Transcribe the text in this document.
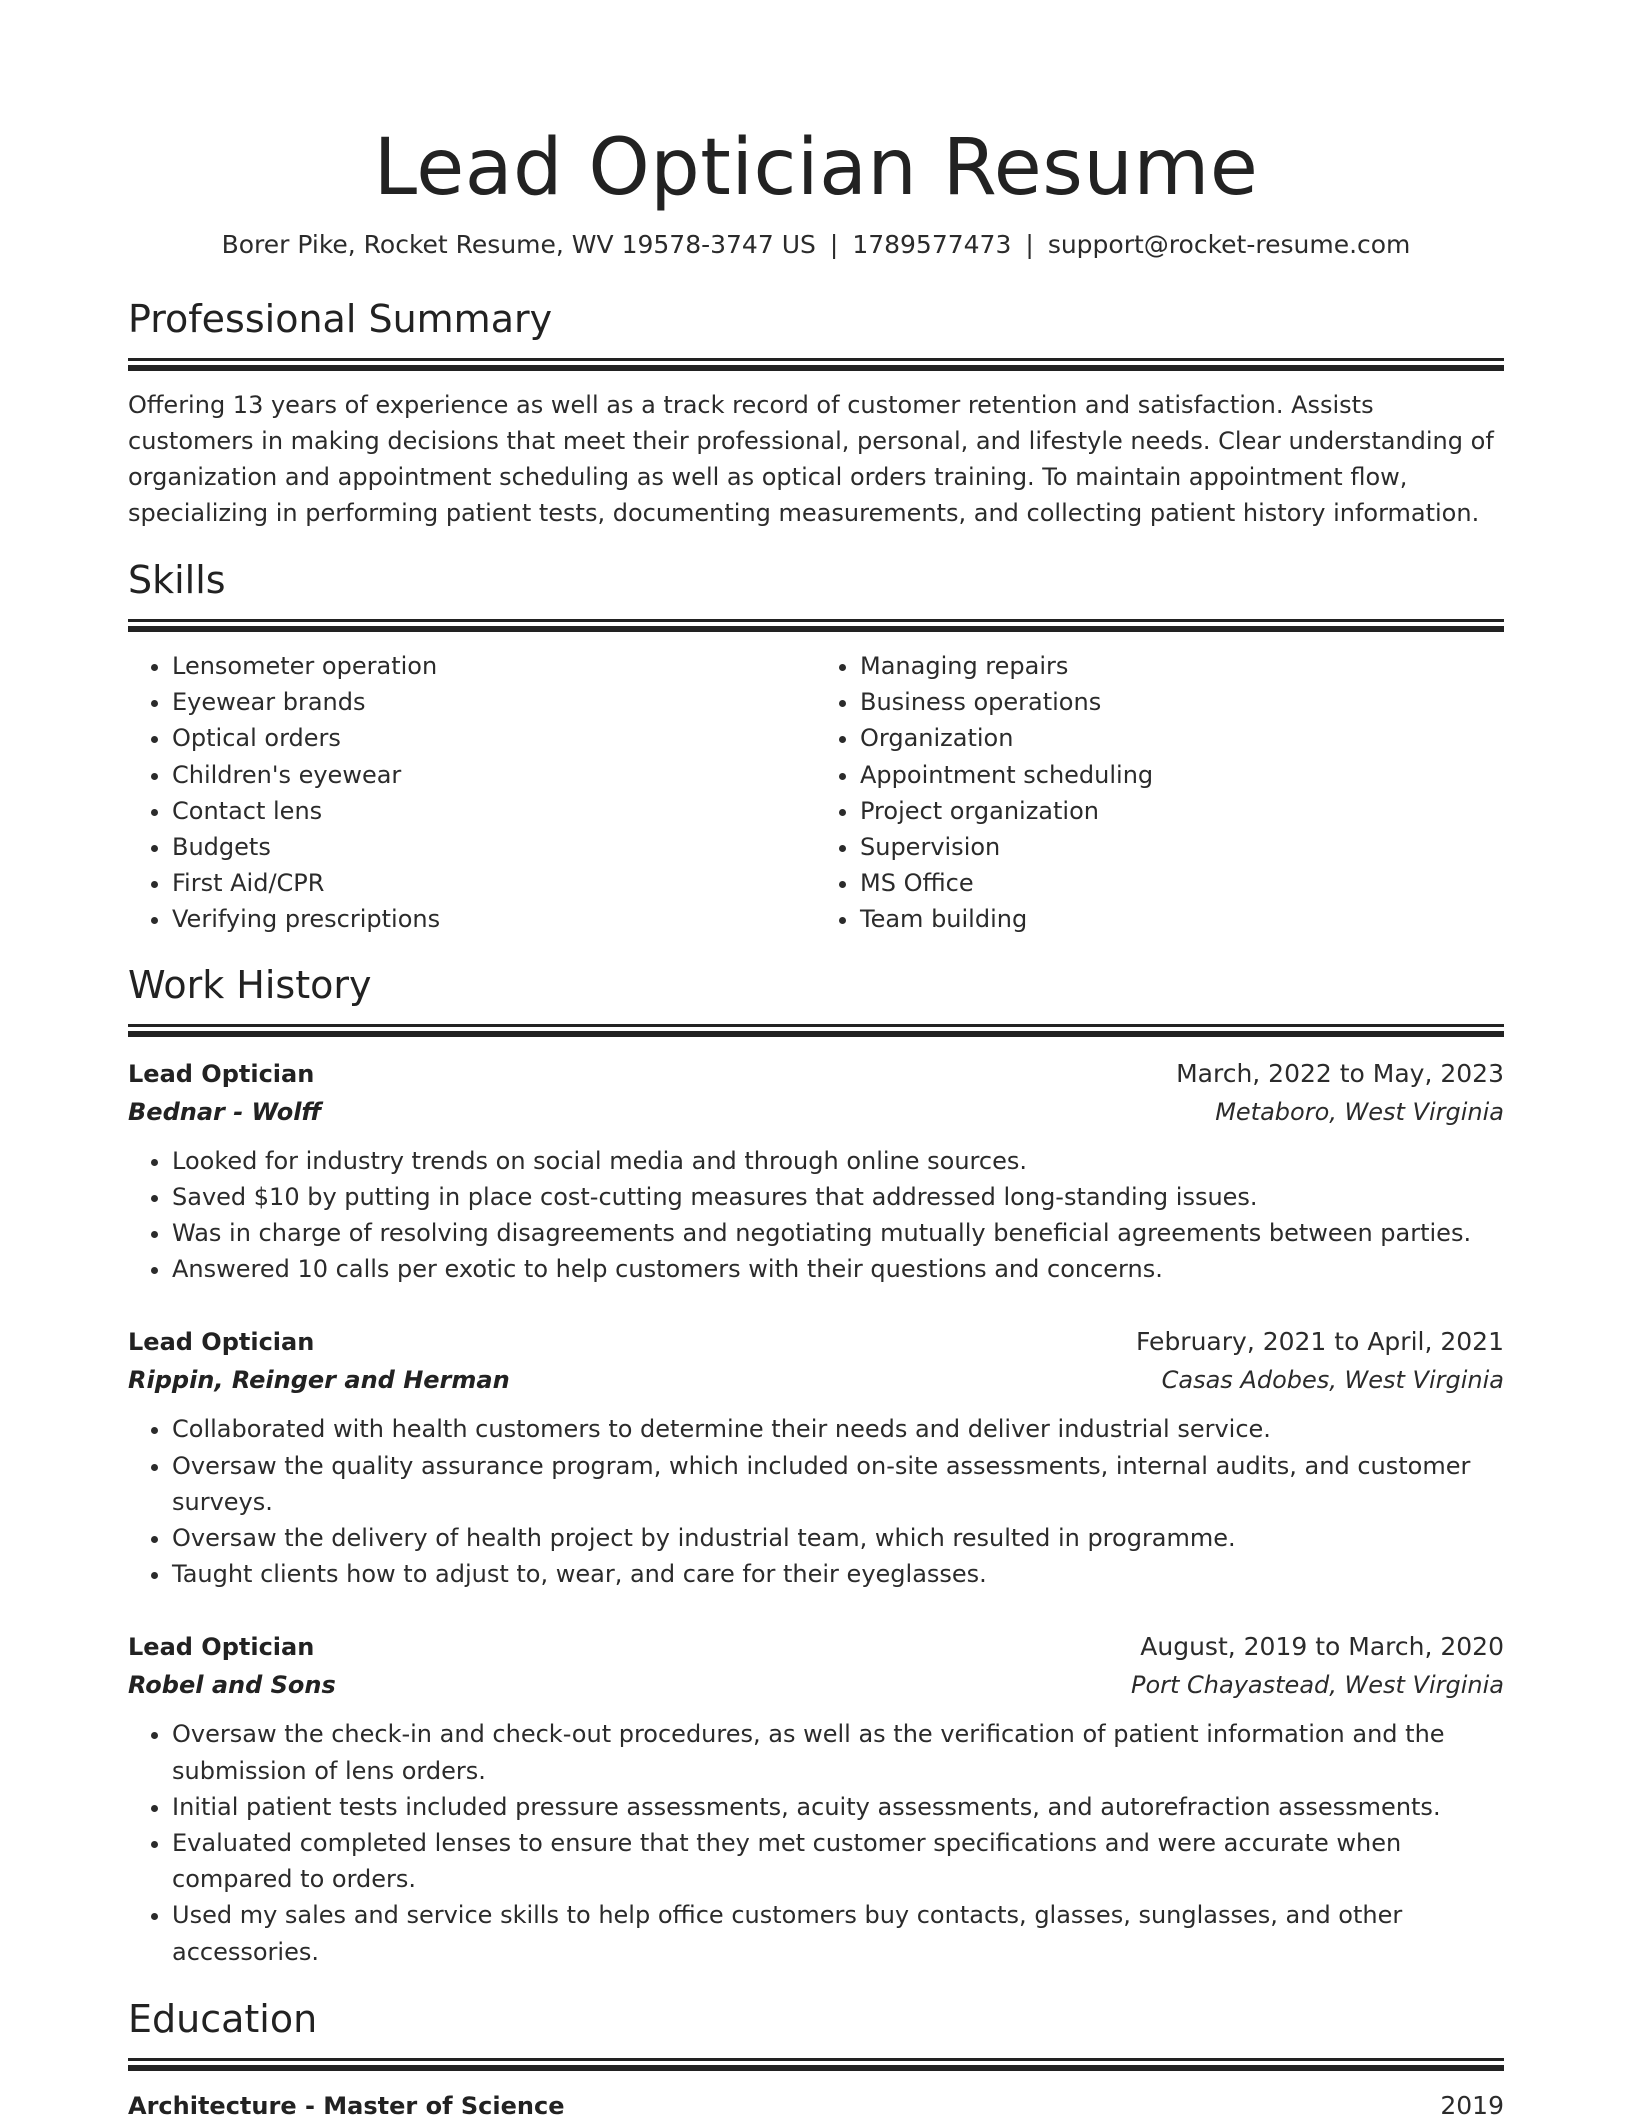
Lead Optician Resume
Borer Pike, Rocket Resume, WV 19578-3747 US | 1789577473 | support@rocket-resume.com
Professional Summary

Offering 13 years of experience as well as a track record of customer retention and satisfaction. Assists customers in making decisions that meet their professional, personal, and lifestyle needs. Clear understanding of organization and appointment scheduling as well as optical orders training. To maintain appointment flow, specializing in performing patient tests, documenting measurements, and collecting patient history information.

Skills
• Lensometer operation
• Eyewear brands
• Optical orders
• Children's eyewear
• Contact lens
• Budgets
• First Aid/CPR
• Verifying prescriptions
• Managing repairs
• Business operations
• Organization
• Appointment scheduling
• Project organization
• Supervision
• MS Office
• Team building
Work History
Lead Optician	March, 2022 to May, 2023
Bednar - Wolff	Metaboro, West Virginia
• Looked for industry trends on social media and through online sources.
• Saved $10 by putting in place cost-cutting measures that addressed long-standing issues.
• Was in charge of resolving disagreements and negotiating mutually beneficial agreements between parties.
• Answered 10 calls per exotic to help customers with their questions and concerns.
Lead Optician	February, 2021 to April, 2021
Rippin, Reinger and Herman	Casas Adobes, West Virginia
• Collaborated with health customers to determine their needs and deliver industrial service.
• Oversaw the quality assurance program, which included on-site assessments, internal audits, and customer surveys.
• Oversaw the delivery of health project by industrial team, which resulted in programme.
• Taught clients how to adjust to, wear, and care for their eyeglasses.
Lead Optician	August, 2019 to March, 2020
Robel and Sons	Port Chayastead, West Virginia
• Oversaw the check-in and check-out procedures, as well as the verification of patient information and the submission of lens orders.
• Initial patient tests included pressure assessments, acuity assessments, and autorefraction assessments.
• Evaluated completed lenses to ensure that they met customer specifications and were accurate when compared to orders.
• Used my sales and service skills to help office customers buy contacts, glasses, sunglasses, and other accessories.
Education
Architecture - Master of Science	2019
